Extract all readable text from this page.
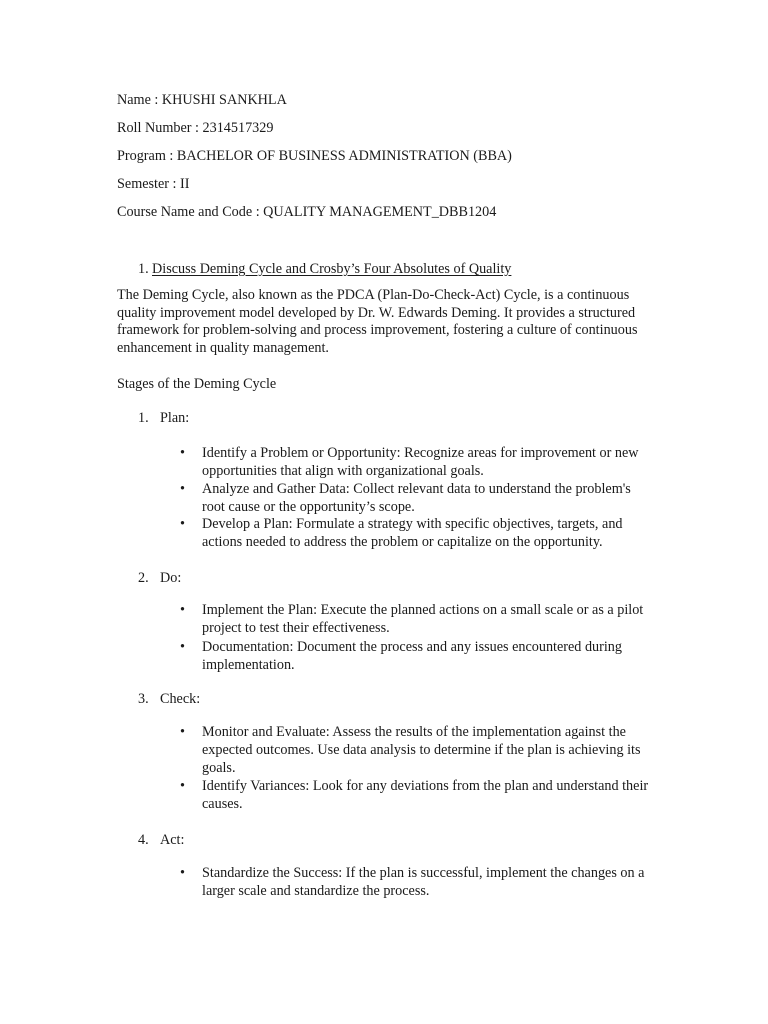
Name : KHUSHI SANKHLA
Roll Number : 2314517329
Program : BACHELOR OF BUSINESS ADMINISTRATION (BBA)
Semester : II
Course Name and Code : QUALITY MANAGEMENT_DBB1204
1. Discuss Deming Cycle and Crosby’s Four Absolutes of Quality
The Deming Cycle, also known as the PDCA (Plan-Do-Check-Act) Cycle, is a continuous quality improvement model developed by Dr. W. Edwards Deming. It provides a structured framework for problem-solving and process improvement, fostering a culture of continuous enhancement in quality management.
Stages of the Deming Cycle
1. Plan:
• Identify a Problem or Opportunity: Recognize areas for improvement or new opportunities that align with organizational goals.
• Analyze and Gather Data: Collect relevant data to understand the problem's root cause or the opportunity’s scope.
• Develop a Plan: Formulate a strategy with specific objectives, targets, and actions needed to address the problem or capitalize on the opportunity.
2. Do:
• Implement the Plan: Execute the planned actions on a small scale or as a pilot project to test their effectiveness.
• Documentation: Document the process and any issues encountered during implementation.
3. Check:
• Monitor and Evaluate: Assess the results of the implementation against the expected outcomes. Use data analysis to determine if the plan is achieving its goals.
• Identify Variances: Look for any deviations from the plan and understand their causes.
4. Act:
• Standardize the Success: If the plan is successful, implement the changes on a larger scale and standardize the process.
